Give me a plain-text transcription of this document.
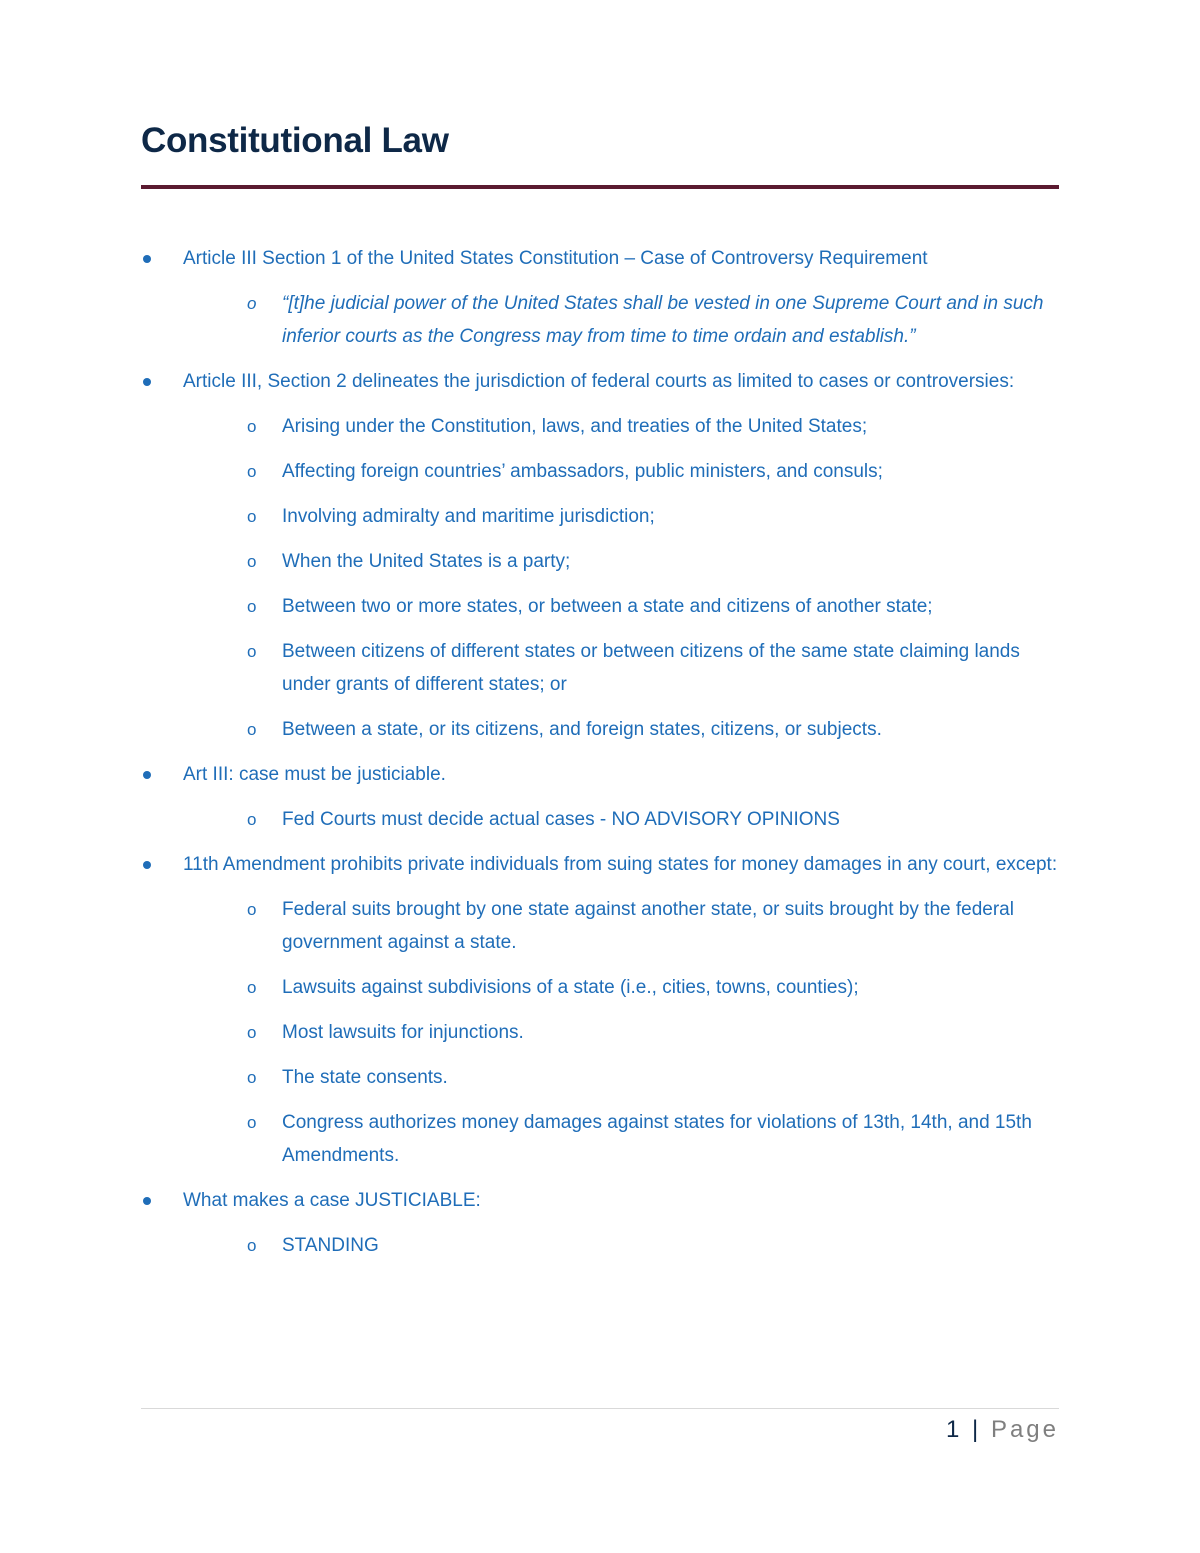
Constitutional Law
Article III Section 1 of the United States Constitution – Case of Controversy Requirement
o “[t]he judicial power of the United States shall be vested in one Supreme Court and in such inferior courts as the Congress may from time to time ordain and establish.”
Article III, Section 2 delineates the jurisdiction of federal courts as limited to cases or controversies:
o Arising under the Constitution, laws, and treaties of the United States;
o Affecting foreign countries’ ambassadors, public ministers, and consuls;
o Involving admiralty and maritime jurisdiction;
o When the United States is a party;
o Between two or more states, or between a state and citizens of another state;
o Between citizens of different states or between citizens of the same state claiming lands under grants of different states; or
o Between a state, or its citizens, and foreign states, citizens, or subjects.
Art III: case must be justiciable.
o Fed Courts must decide actual cases - NO ADVISORY OPINIONS
11th Amendment prohibits private individuals from suing states for money damages in any court, except:
o Federal suits brought by one state against another state, or suits brought by the federal government against a state.
o Lawsuits against subdivisions of a state (i.e., cities, towns, counties);
o Most lawsuits for injunctions.
o The state consents.
o Congress authorizes money damages against states for violations of 13th, 14th, and 15th Amendments.
What makes a case JUSTICIABLE:
o STANDING
1 | Page
